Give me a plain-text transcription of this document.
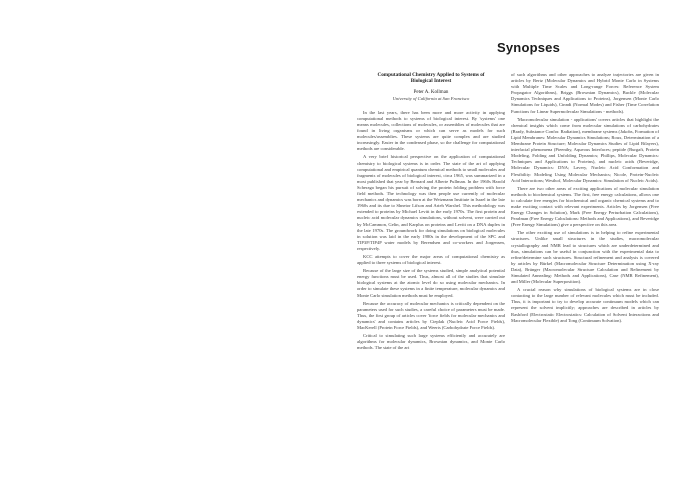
Synopses
Computational Chemistry Applied to Systems of
Biological Interest

Peter A. Kollman

University of California at San Francisco

In the last years, there has been more and more activity in applying computational methods to systems of biological interest. By 'systems' one means molecules, collections of molecules, or assemblies of molecules that are found in living organisms or which can serve as models for such molecules/assemblies. These systems are quite complex and are studied increasingly. Easier in the condensed phase, so the challenge for computational methods are considerable.

A very brief historical perspective on the application of computational chemistry to biological systems is in order. The state of the art of applying computational and empirical quantum chemical methods to small molecules and fragments of molecules of biological interest, circa 1965, was summarized in a most published that year by Bernard and Alberte Pullman. In the 1960s Harold Scheraga began his pursuit of solving the protein folding problem with force field methods. The technology was then people use currently of molecular mechanics and dynamics was born at the Weizmann Institute in Israel in the late 1960s and its due to Shneior Lifson and Arieh Warshel. This methodology was extended to proteins by Michael Levitt in the early 1970s. The first protein and nucleic acid molecular dynamics simulations, without solvent, were carried out by McCammon, Gelin, and Karplus on proteins and Levitt on a DNA duplex in the late 1970s. The groundwork for doing simulations on biological molecules in solution was laid in the early 1980s in the development of the SPC and TIP3P/TIP4P water models by Berendsen and co-workers and Jorgensen, respectively.

KCC attempts to cover the major areas of computational chemistry as applied to three systems of biological interest.

Because of the large size of the systems studied, simple analytical potential energy functions must be used. Thus, almost all of the studies that simulate biological systems at the atomic level do so using molecular mechanics. In order to simulate these systems in a finite temperature, molecular dynamics and Monte Carlo simulation methods must be employed.

Because the accuracy of molecular mechanics is critically dependent on the parameters used for such studies, a careful choice of parameters must be made. Thus, the first group of articles cover 'force fields for molecular mechanics and dynamics' and contains articles by Cieplak (Nucleic Acid Force Fields), MacKerell (Protein Force Fields), and Weerts (Carbohydrate Force Fields).

Critical to simulating such large systems efficiently and accurately are algorithms for molecular dynamics, Brownian dynamics, and Monte Carlo methods. The state of the art

of such algorithms and other approaches to analyze trajectories are given in articles by Bertz (Molecular Dynamics and Hybrid Monte Carlo in Systems with Multiple Time Scales and Long-range Forces: Reference System Propagator Algorithms), Briggs (Brownian Dynamics), Buckle (Molecular Dynamics Techniques and Applications to Proteins), Jorgensen (Monte Carlo Simulations for Liquids), Cinndi (Normal Modes) and Fisher (Time Correlation Functions for Linear Supermolecular Simulations - methods).

'Macromolecular simulation - applications' covers articles that highlight the chemical insights which come from molecular simulations of carbohydrates (Brady, Substance Confor. Radiation), membrane systems (Jakobs, Formation of Lipid Membranes: Molecular Dynamics Simulations; Roux, Determination of a Membrane Protein Structure; Molecular Dynamics Studies of Lipid Bilayers), interfacial phenomena (Pieenthy, Aqueous Interfaces; peptide (Burgaft, Protein Modeling, Folding and Unfolding Dynamics; Phillips, Molecular Dynamics: Techniques and Applications to Proteins), and nucleic acids (Beveridge, Molecular Dynamics: DNA; Lavery, Nucleic Acid Conformation and Flexibility: Modeling Using Molecular Mechanics; Nicole, Protein-Nucleic Acid Interactions; Westhof, Molecular Dynamics: Simulation of Nucleic Acids).

There are two other areas of exciting applications of molecular simulation methods to biochemical systems. The first, free energy calculations, allows one to calculate free energies for biochemical and organic chemical systems and to make exciting contact with relevant experiments. Articles by Jorgensen (Free Energy Changes in Solution), Mark (Free Energy Perturbation Calculations), Pearlman (Free Energy Calculations: Methods and Applications), and Beveridge (Free Energy Simulations) give a perspective on this area.

The other exciting use of simulations is in helping to refine experimental structures. Unlike small structures in the studies, macromolecular crystallography and NMR lead to structures which are underdetermined and thus, simulations can be useful in conjunction with the experimental data to refine/determine such structures. Structural refinement and analysis is covered by articles by Bürkel (Macromolecular Structure Determination using X-ray Data), Brünger (Macromolecular Structure Calculation and Refinement by Simulated Annealing: Methods and Applications), Case (NMR Refinement), and Miller (Molecular Superposition).

A crucial reason why simulations of biological systems are in close contacting to the large number of relevant molecules which must be included. Thus, it is important to try to develop accurate continuum models which can represent the solvent implicitly; approaches are described in articles by Rashford (Electrostatic Electrostatics: Calculation of Solvent Interactions and Macromolecular Flexible) and Tong (Continuum Solvation).
